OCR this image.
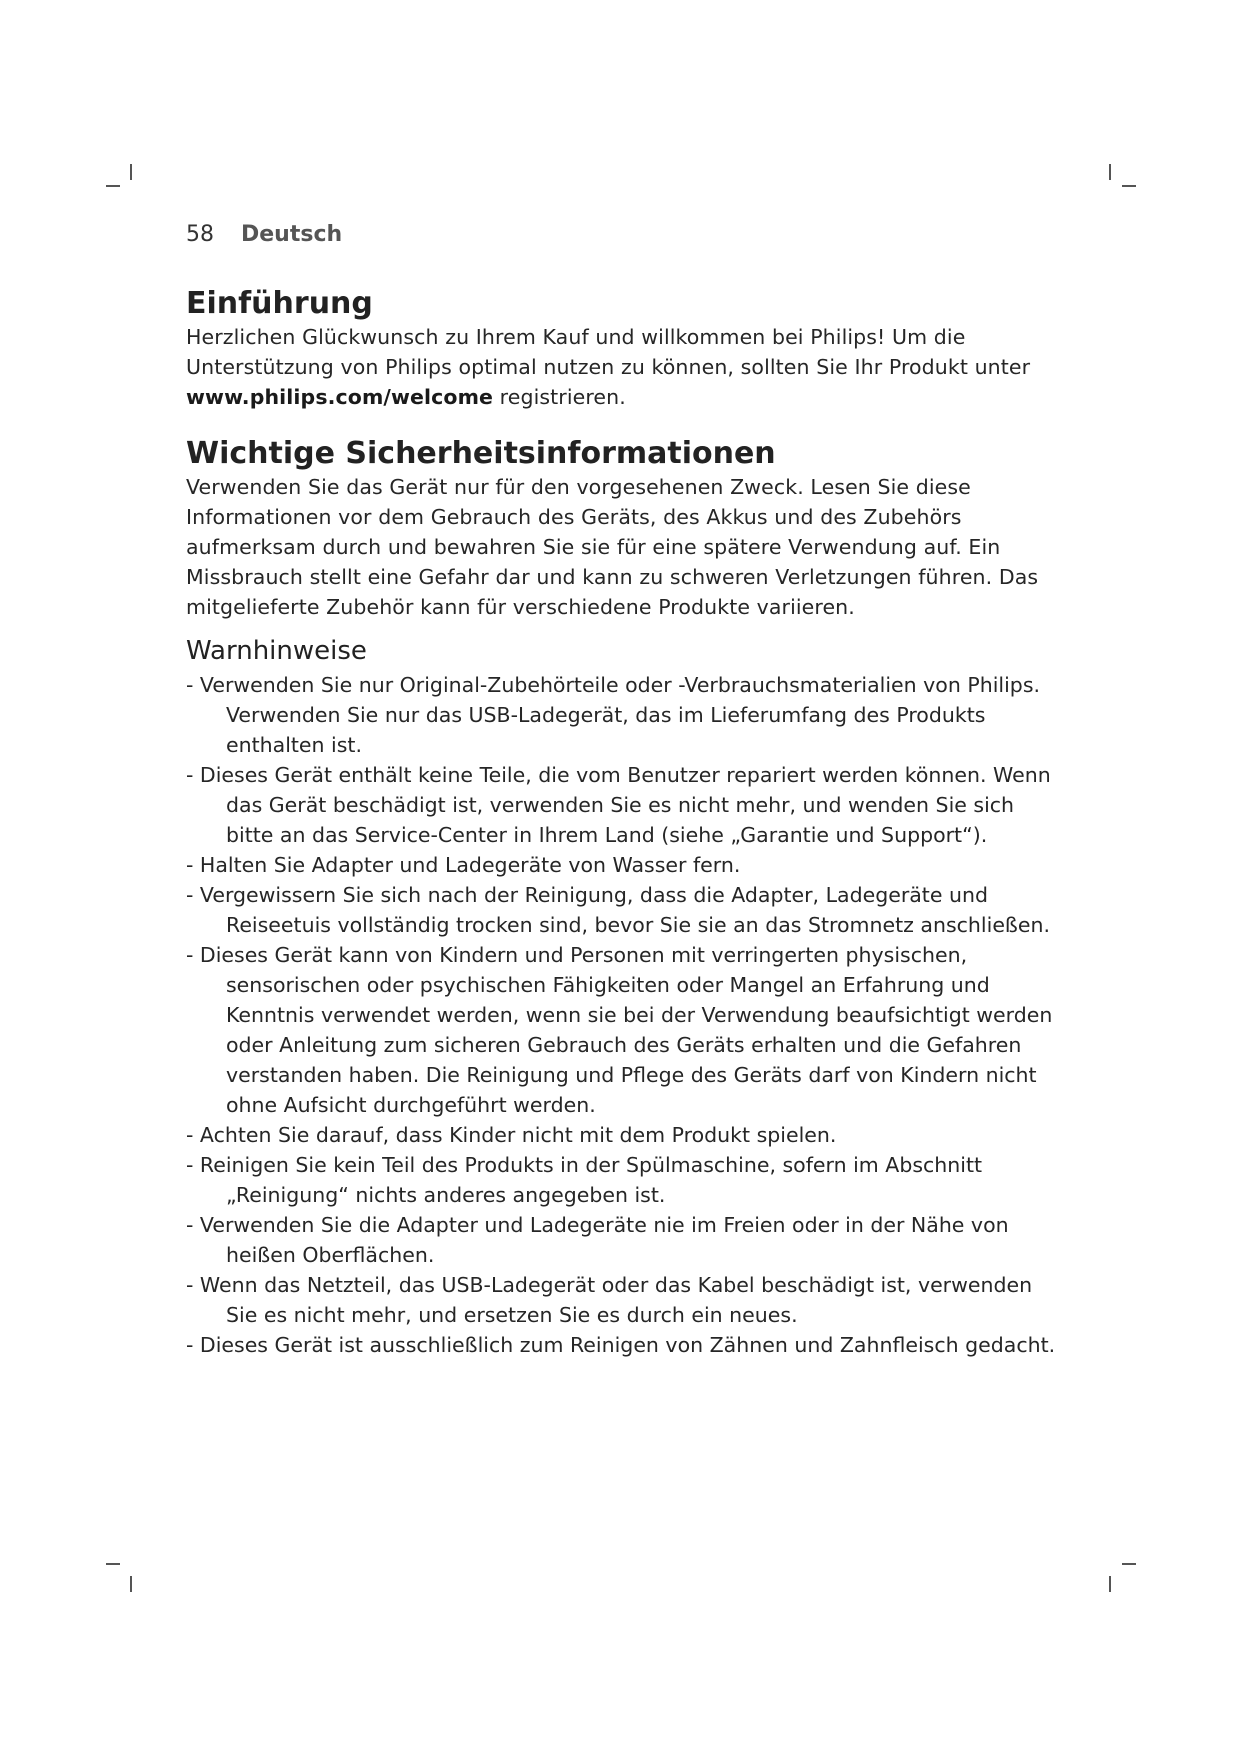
58 Deutsch
Einführung

Herzlichen Glückwunsch zu Ihrem Kauf und willkommen bei Philips! Um die Unterstützung von Philips optimal nutzen zu können, sollten Sie Ihr Produkt unter www.philips.com/welcome registrieren.

Wichtige Sicherheitsinformationen

Verwenden Sie das Gerät nur für den vorgesehenen Zweck. Lesen Sie diese Informationen vor dem Gebrauch des Geräts, des Akkus und des Zubehörs aufmerksam durch und bewahren Sie sie für eine spätere Verwendung auf. Ein Missbrauch stellt eine Gefahr dar und kann zu schweren Verletzungen führen. Das mitgelieferte Zubehör kann für verschiedene Produkte variieren.

Warnhinweise
- Verwenden Sie nur Original-Zubehörteile oder -Verbrauchsmaterialien von Philips. Verwenden Sie nur das USB-Ladegerät, das im Lieferumfang des Produkts enthalten ist.
- Dieses Gerät enthält keine Teile, die vom Benutzer repariert werden können. Wenn das Gerät beschädigt ist, verwenden Sie es nicht mehr, und wenden Sie sich bitte an das Service-Center in Ihrem Land (siehe „Garantie und Support“).
- Halten Sie Adapter und Ladegeräte von Wasser fern.
- Vergewissern Sie sich nach der Reinigung, dass die Adapter, Ladegeräte und Reiseetuis vollständig trocken sind, bevor Sie sie an das Stromnetz anschließen.
- Dieses Gerät kann von Kindern und Personen mit verringerten physischen, sensorischen oder psychischen Fähigkeiten oder Mangel an Erfahrung und Kenntnis verwendet werden, wenn sie bei der Verwendung beaufsichtigt werden oder Anleitung zum sicheren Gebrauch des Geräts erhalten und die Gefahren verstanden haben. Die Reinigung und Pflege des Geräts darf von Kindern nicht ohne Aufsicht durchgeführt werden.
- Achten Sie darauf, dass Kinder nicht mit dem Produkt spielen.
- Reinigen Sie kein Teil des Produkts in der Spülmaschine, sofern im Abschnitt „Reinigung“ nichts anderes angegeben ist.
- Verwenden Sie die Adapter und Ladegeräte nie im Freien oder in der Nähe von heißen Oberflächen.
- Wenn das Netzteil, das USB-Ladegerät oder das Kabel beschädigt ist, verwenden Sie es nicht mehr, und ersetzen Sie es durch ein neues.
- Dieses Gerät ist ausschließlich zum Reinigen von Zähnen und Zahnfleisch gedacht.
